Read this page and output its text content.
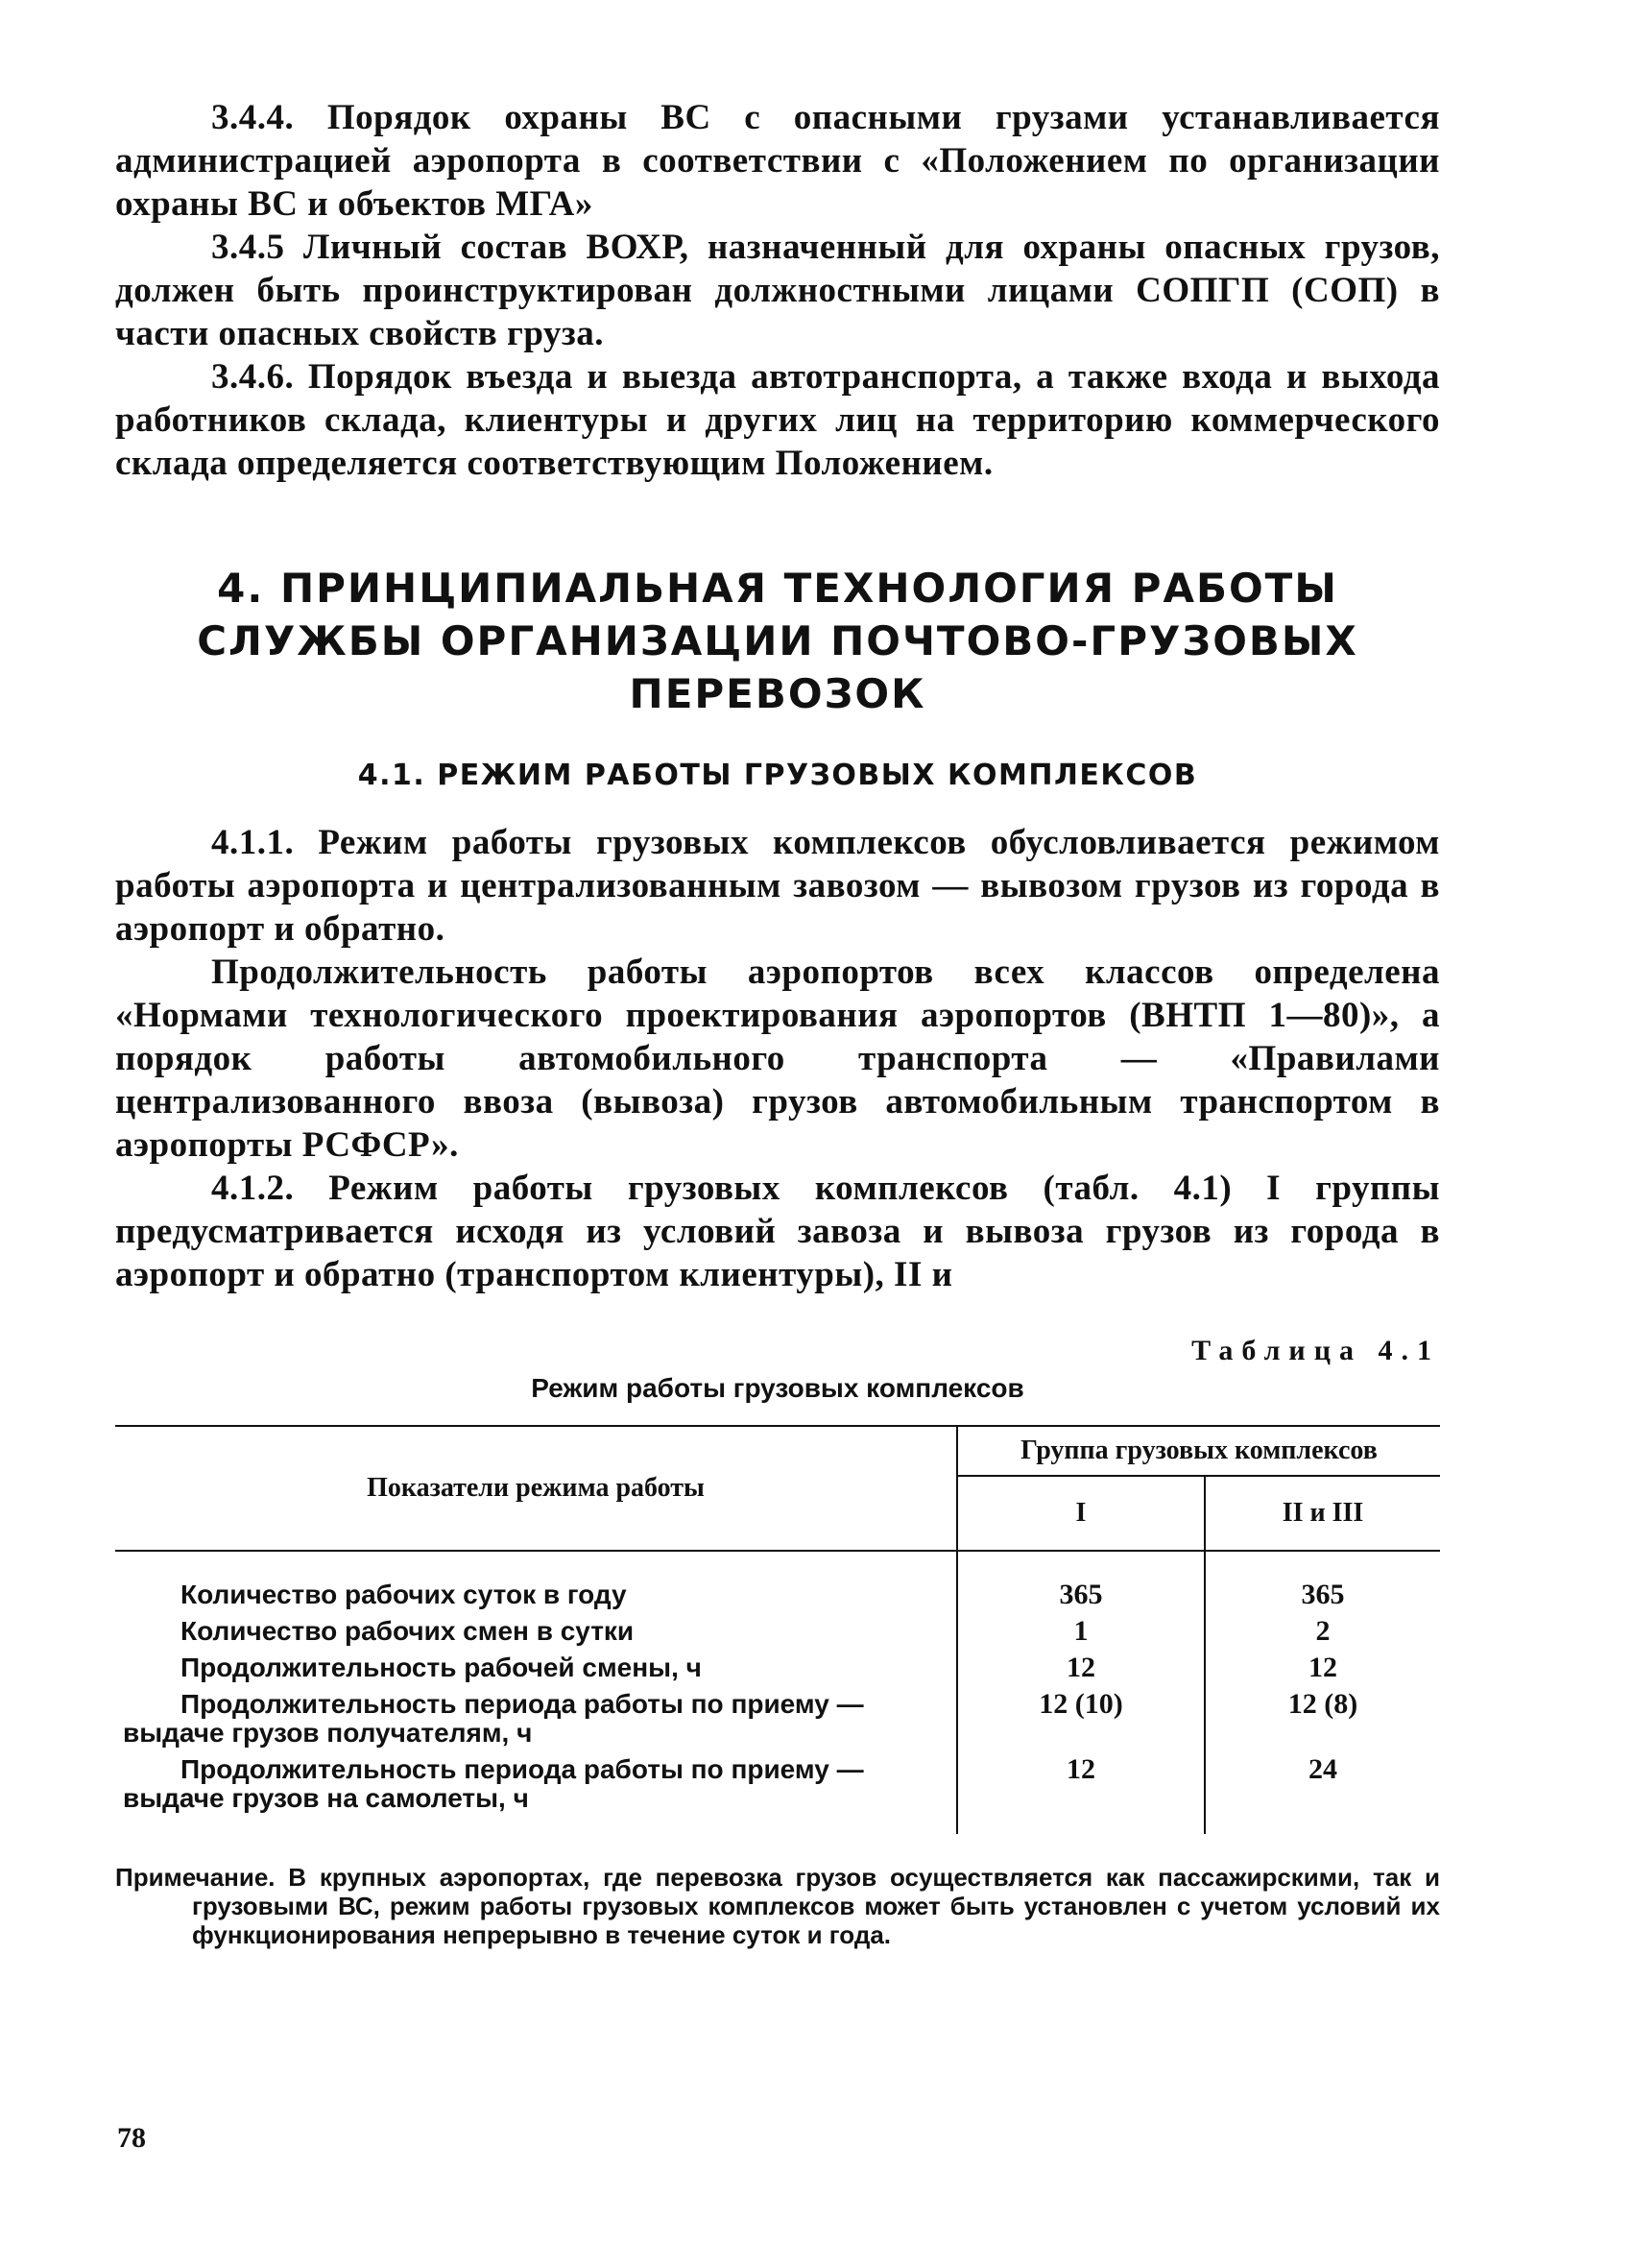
3.4.4. Порядок охраны ВС с опасными грузами устанавливается администрацией аэропорта в соответствии с «Положением по организации охраны ВС и объектов МГА»

3.4.5 Личный состав ВОХР, назначенный для охраны опасных грузов, должен быть проинструктирован должностными лицами СОПГП (СОП) в части опасных свойств груза.

3.4.6. Порядок въезда и выезда автотранспорта, а также входа и выхода работников склада, клиентуры и других лиц на территорию коммерческого склада определяется соответствующим Положением.

4. ПРИНЦИПИАЛЬНАЯ ТЕХНОЛОГИЯ РАБОТЫ
СЛУЖБЫ ОРГАНИЗАЦИИ ПОЧТОВО-ГРУЗОВЫХ
ПЕРЕВОЗОК
4.1. РЕЖИМ РАБОТЫ ГРУЗОВЫХ КОМПЛЕКСОВ

4.1.1. Режим работы грузовых комплексов обусловливается режимом работы аэропорта и централизованным завозом — вывозом грузов из города в аэропорт и обратно.

Продолжительность работы аэропортов всех классов определена «Нормами технологического проектирования аэропортов (ВНТП 1—80)», а порядок работы автомобильного транспорта — «Правилами централизованного ввоза (вывоза) грузов автомобильным транспортом в аэропорты РСФСР».

4.1.2. Режим работы грузовых комплексов (табл. 4.1) I группы предусматривается исходя из условий завоза и вывоза грузов из города в аэропорт и обратно (транспортом клиентуры), II и

Таблица 4.1
Режим работы грузовых комплексов
Показатели режима работы	Группа грузовых комплексов	
	I	II и III
Количество рабочих суток в году	365	365
Количество рабочих смен в сутки	1	2
Продолжительность рабочей смены, ч	12	12
Продолжительность периода работы по приему — выдаче грузов получателям, ч	12 (10)	12 (8)
Продолжительность периода работы по приему — выдаче грузов на самолеты, ч	12	24
Примечание. В крупных аэропортах, где перевозка грузов осуществляется как пассажирскими, так и грузовыми ВС, режим работы грузовых комплексов может быть установлен с учетом условий их функционирования непрерывно в течение суток и года.
78
